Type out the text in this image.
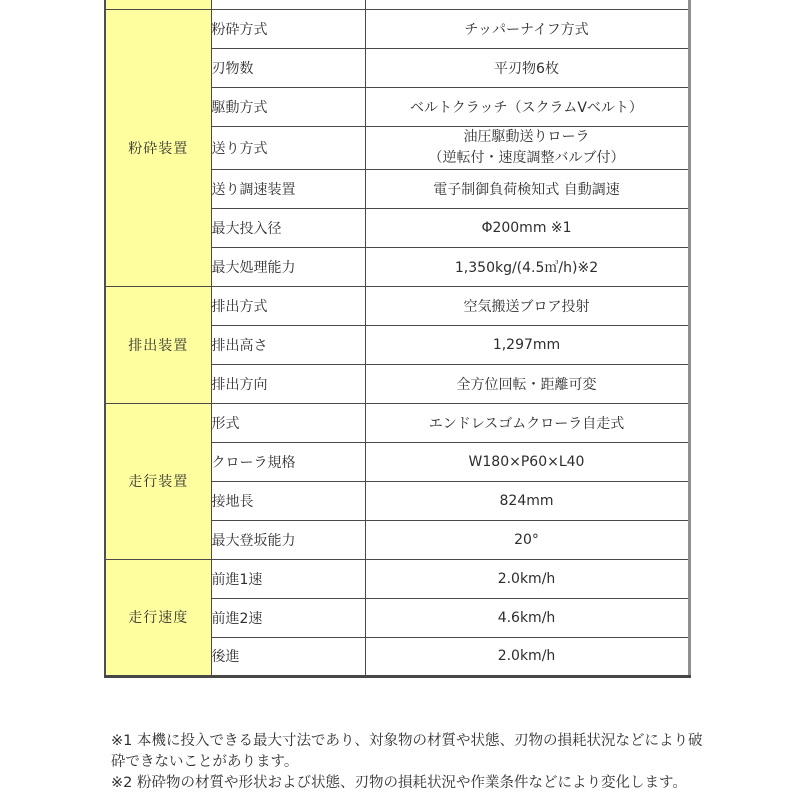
粉砕装置	粉砕方式	チッパーナイフ方式
	刃物数	平刃物6枚
	駆動方式	ベルトクラッチ（スクラムVベルト）
	送り方式	油圧駆動送りローラ
（逆転付・速度調整バルブ付）

	送り調速装置	電子制御負荷検知式 自動調速
	最大投入径	Φ200mm ※1
	最大処理能力	1,350kg/(4.5㎥/h)※2
排出装置	排出方式	空気搬送ブロア投射
	排出高さ	1,297mm
	排出方向	全方位回転・距離可変
走行装置	形式	エンドレスゴムクローラ自走式
	クローラ規格	W180×P60×L40
	接地長	824mm
	最大登坂能力	20°
走行速度	前進1速	2.0km/h
	前進2速	4.6km/h
	後進	2.0km/h

※1 本機に投入できる最大寸法であり、対象物の材質や状態、刃物の損耗状況などにより破砕できないことがあります。

※2 粉砕物の材質や形状および状態、刃物の損耗状況や作業条件などにより変化します。
